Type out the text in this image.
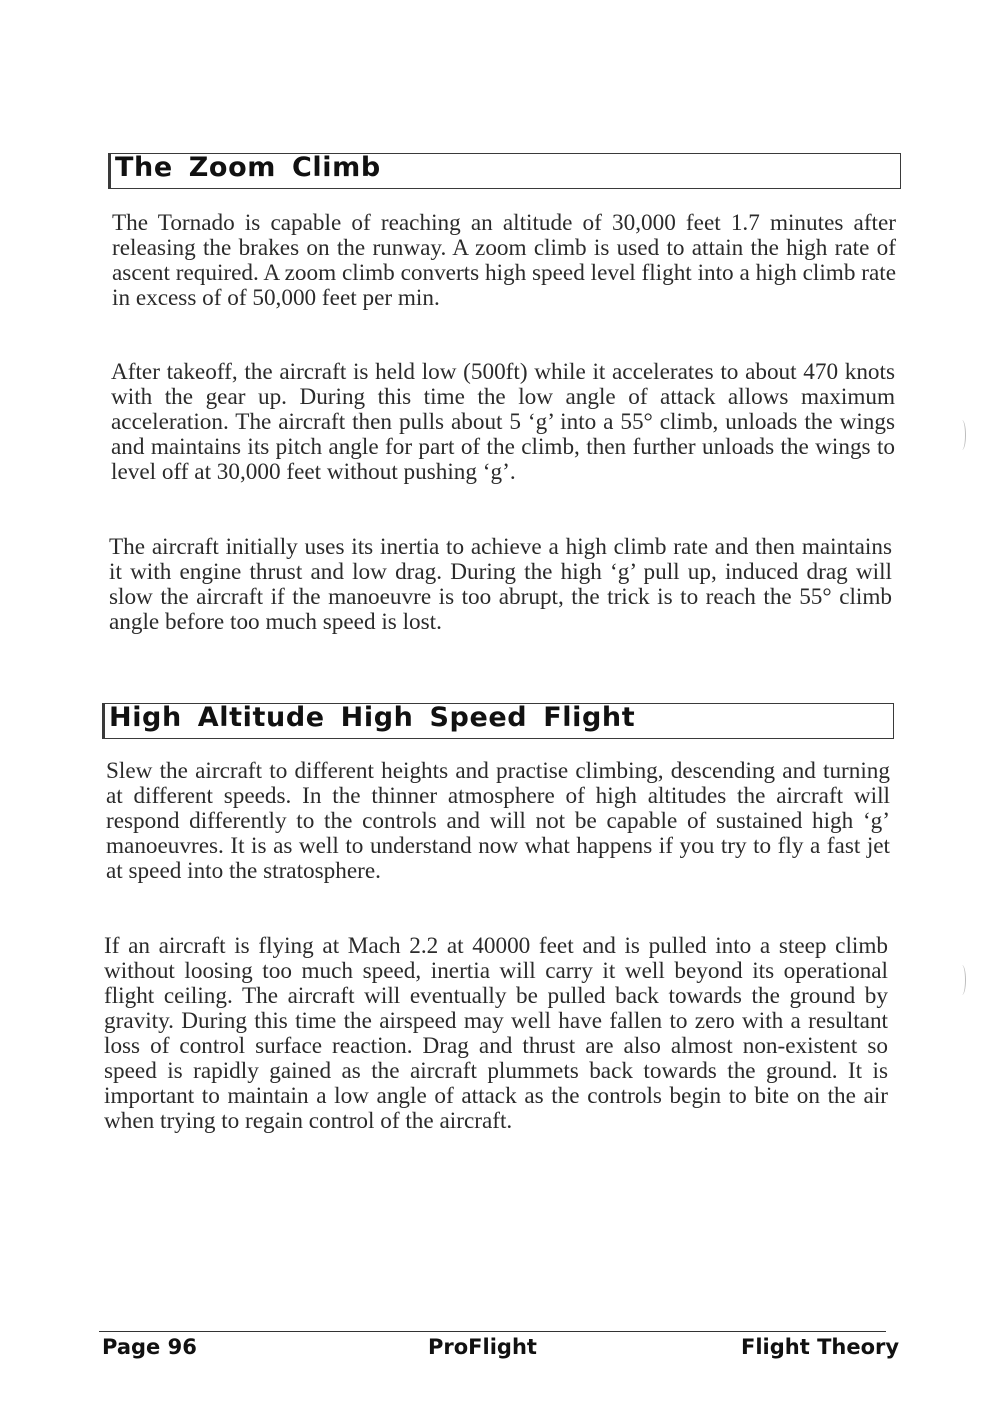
The Zoom Climb

The Tornado is capable of reaching an altitude of 30,000 feet 1.7 minutes after releasing the brakes on the runway. A zoom climb is used to attain the high rate of ascent required. A zoom climb converts high speed level flight into a high climb rate in excess of of 50,000 feet per min.

After takeoff, the aircraft is held low (500ft) while it accelerates to about 470 knots with the gear up. During this time the low angle of attack allows maximum acceleration. The aircraft then pulls about 5 ‘g’ into a 55° climb, unloads the wings and maintains its pitch angle for part of the climb, then further unloads the wings to level off at 30,000 feet without pushing ‘g’.

The aircraft initially uses its inertia to achieve a high climb rate and then maintains it with engine thrust and low drag. During the high ‘g’ pull up, induced drag will slow the aircraft if the manoeuvre is too abrupt, the trick is to reach the 55° climb angle before too much speed is lost.

High Altitude High Speed Flight

Slew the aircraft to different heights and practise climbing, descending and turning at different speeds. In the thinner atmosphere of high altitudes the aircraft will respond differently to the controls and will not be capable of sustained high ‘g’ manoeuvres. It is as well to understand now what happens if you try to fly a fast jet at speed into the stratosphere.

If an aircraft is flying at Mach 2.2 at 40000 feet and is pulled into a steep climb without loosing too much speed, inertia will carry it well beyond its operational flight ceiling. The aircraft will eventually be pulled back towards the ground by gravity. During this time the airspeed may well have fallen to zero with a resultant loss of control surface reaction. Drag and thrust are also almost non-existent so speed is rapidly gained as the aircraft plummets back towards the ground. It is important to maintain a low angle of attack as the controls begin to bite on the air when trying to regain control of the aircraft.

Page 96	ProFlight	Flight Theory
